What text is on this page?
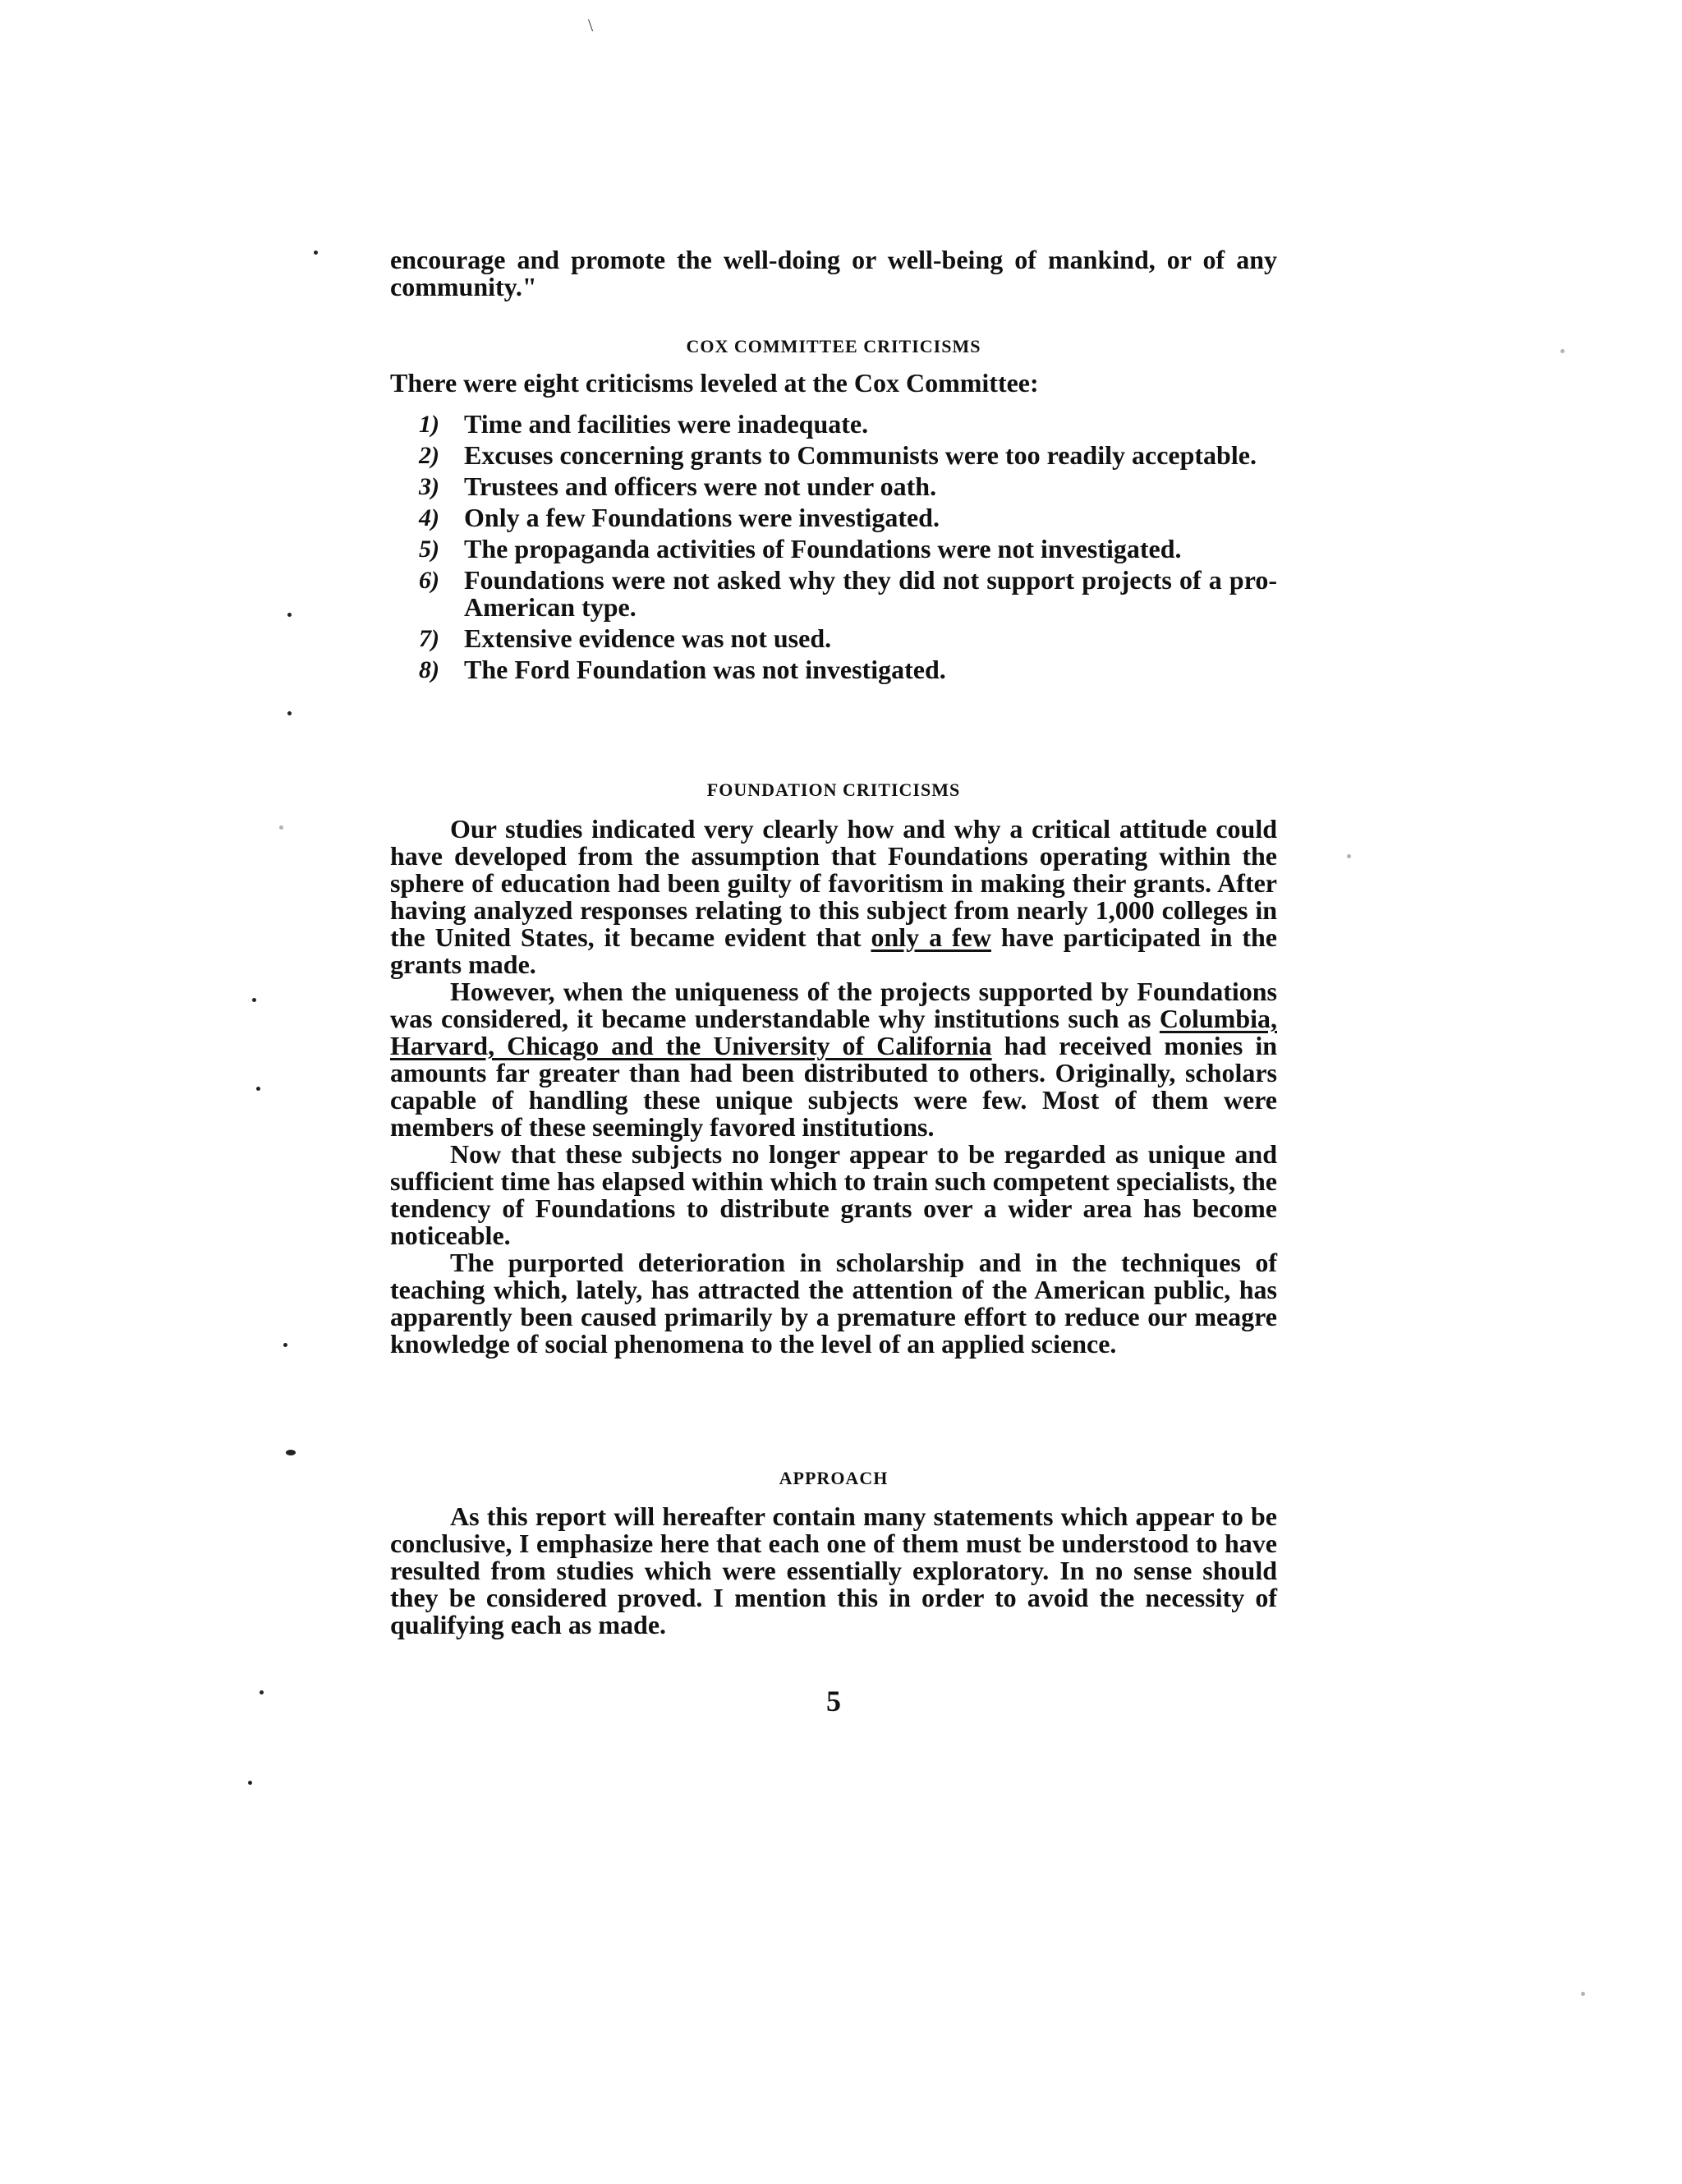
\

encourage and promote the well-doing or well-being of mankind, or of any community."

COX COMMITTEE CRITICISMS

There were eight criticisms leveled at the Cox Committee:

1) Time and facilities were inadequate.
2) Excuses concerning grants to Communists were too readily acceptable.
3) Trustees and officers were not under oath.
4) Only a few Foundations were investigated.
5) The propaganda activities of Foundations were not investigated.
6) Foundations were not asked why they did not support projects of a pro-American type.
7) Extensive evidence was not used.
8) The Ford Foundation was not investigated.
FOUNDATION CRITICISMS

Our studies indicated very clearly how and why a critical attitude could have developed from the assumption that Foundations operating within the sphere of education had been guilty of favoritism in making their grants. After having analyzed responses relating to this subject from nearly 1,000 colleges in the United States, it became evident that only a few have participated in the grants made.

However, when the uniqueness of the projects supported by Foundations was considered, it became understandable why institutions such as Columbia, Harvard, Chicago and the University of California had received monies in amounts far greater than had been distributed to others. Originally, scholars capable of handling these unique subjects were few. Most of them were members of these seemingly favored institutions.

Now that these subjects no longer appear to be regarded as unique and sufficient time has elapsed within which to train such competent specialists, the tendency of Foundations to distribute grants over a wider area has become noticeable.

The purported deterioration in scholarship and in the techniques of teaching which, lately, has attracted the attention of the American public, has apparently been caused primarily by a premature effort to reduce our meagre knowledge of social phenomena to the level of an applied science.

APPROACH

As this report will hereafter contain many statements which appear to be conclusive, I emphasize here that each one of them must be understood to have resulted from studies which were essentially exploratory. In no sense should they be considered proved. I mention this in order to avoid the necessity of qualifying each as made.

5
